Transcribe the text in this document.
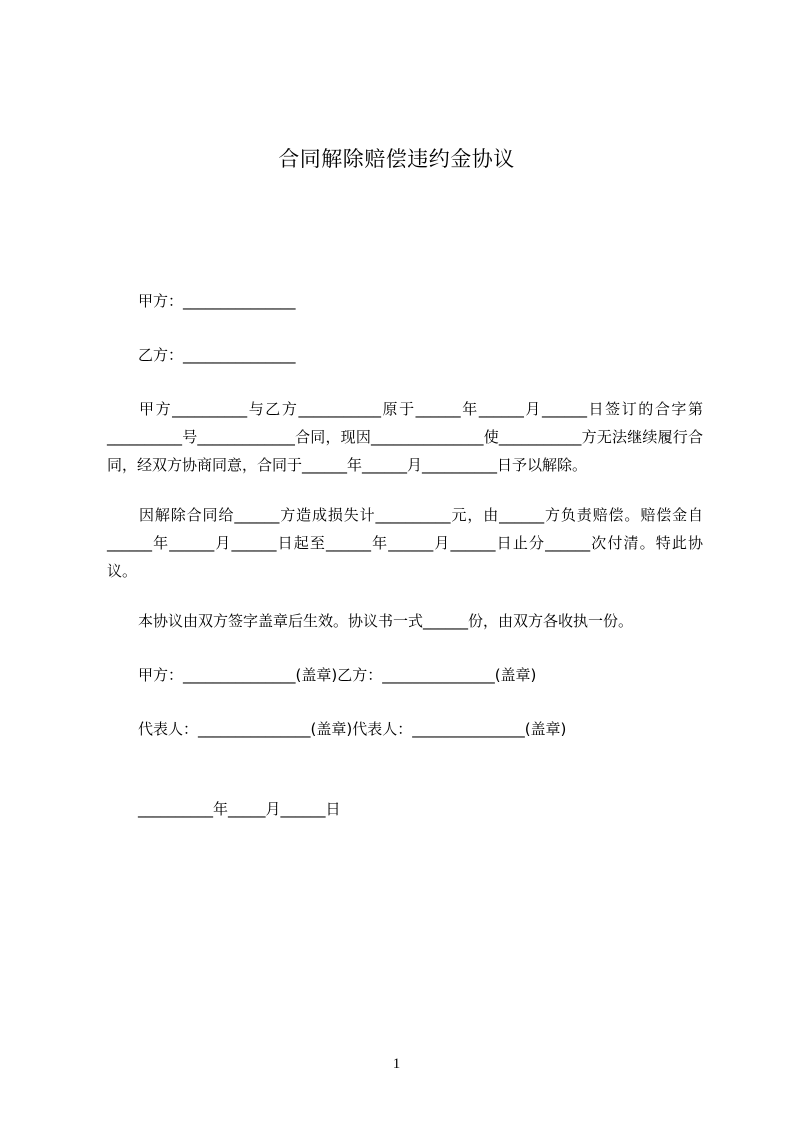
合同解除赔偿违约金协议
甲方：_______________
乙方：_______________
甲方__________与乙方___________原于______年______月______日签订的合字第__________号_____________合同，现因_______________使___________方无法继续履行合同，经双方协商同意，合同于______年______月__________日予以解除。
因解除合同给______方造成损失计__________元，由______方负责赔偿。赔偿金自______年______月______日起至______年______月______日止分______次付清。特此协议。
本协议由双方签字盖章后生效。协议书一式______份，由双方各收执一份。
甲方：_______________(盖章)乙方：_______________(盖章)
代表人：_______________(盖章)代表人：_______________(盖章)
__________年_____月______日
1
